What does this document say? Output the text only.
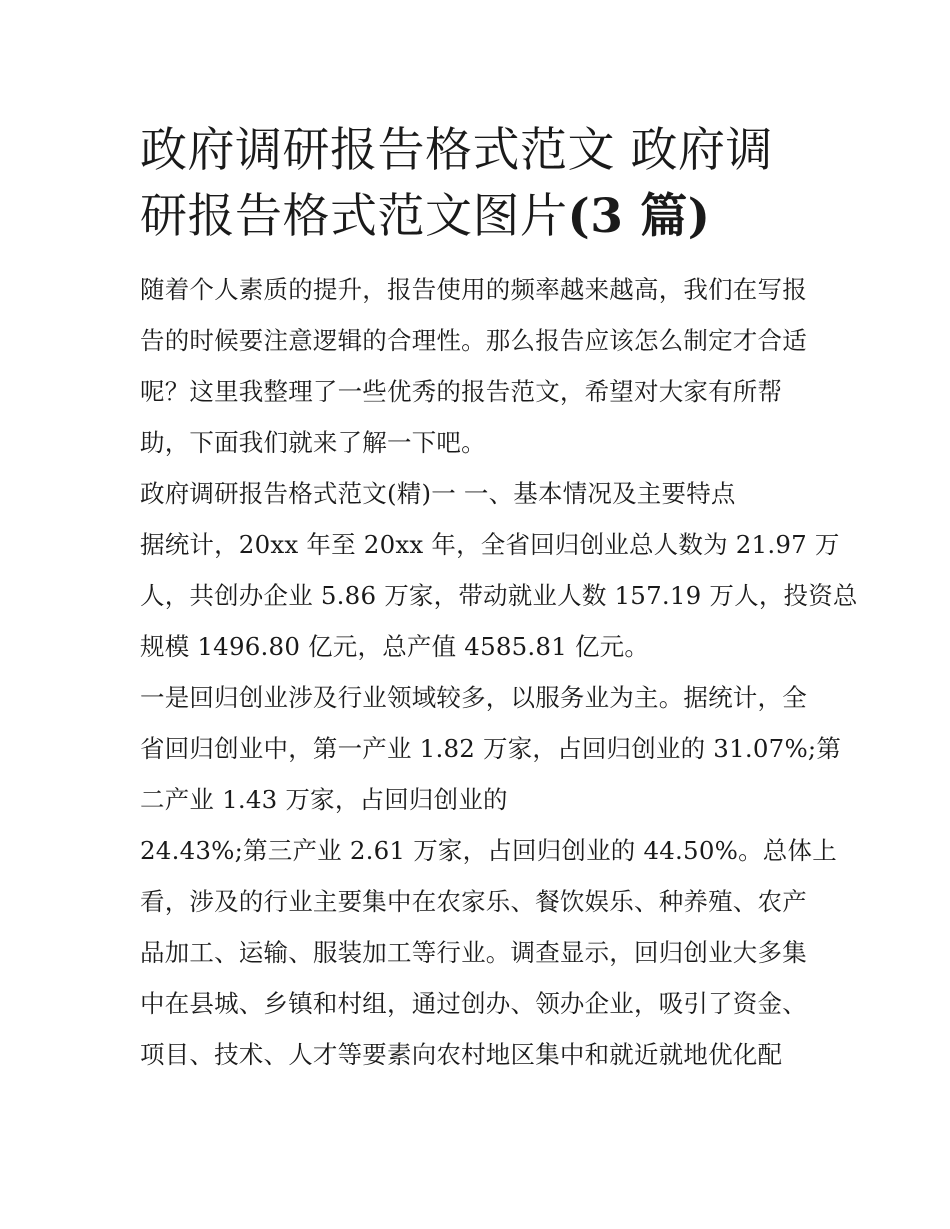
政府调研报告格式范文 政府调研报告格式范文图片(3 篇)

随着个人素质的提升，报告使用的频率越来越高，我们在写报
告的时候要注意逻辑的合理性。那么报告应该怎么制定才合适
呢？这里我整理了一些优秀的报告范文，希望对大家有所帮
助，下面我们就来了解一下吧。

政府调研报告格式范文(精)一 一、基本情况及主要特点

据统计，20xx 年至 20xx 年，全省回归创业总人数为 21.97 万
人，共创办企业 5.86 万家，带动就业人数 157.19 万人，投资总
规模 1496.80 亿元，总产值 4585.81 亿元。

一是回归创业涉及行业领域较多，以服务业为主。据统计，全
省回归创业中，第一产业 1.82 万家，占回归创业的 31.07%;第
二产业 1.43 万家，占回归创业的
24.43%;第三产业 2.61 万家，占回归创业的 44.50%。总体上
看，涉及的行业主要集中在农家乐、餐饮娱乐、种养殖、农产
品加工、运输、服装加工等行业。调查显示，回归创业大多集
中在县城、乡镇和村组，通过创办、领办企业，吸引了资金、
项目、技术、人才等要素向农村地区集中和就近就地优化配
